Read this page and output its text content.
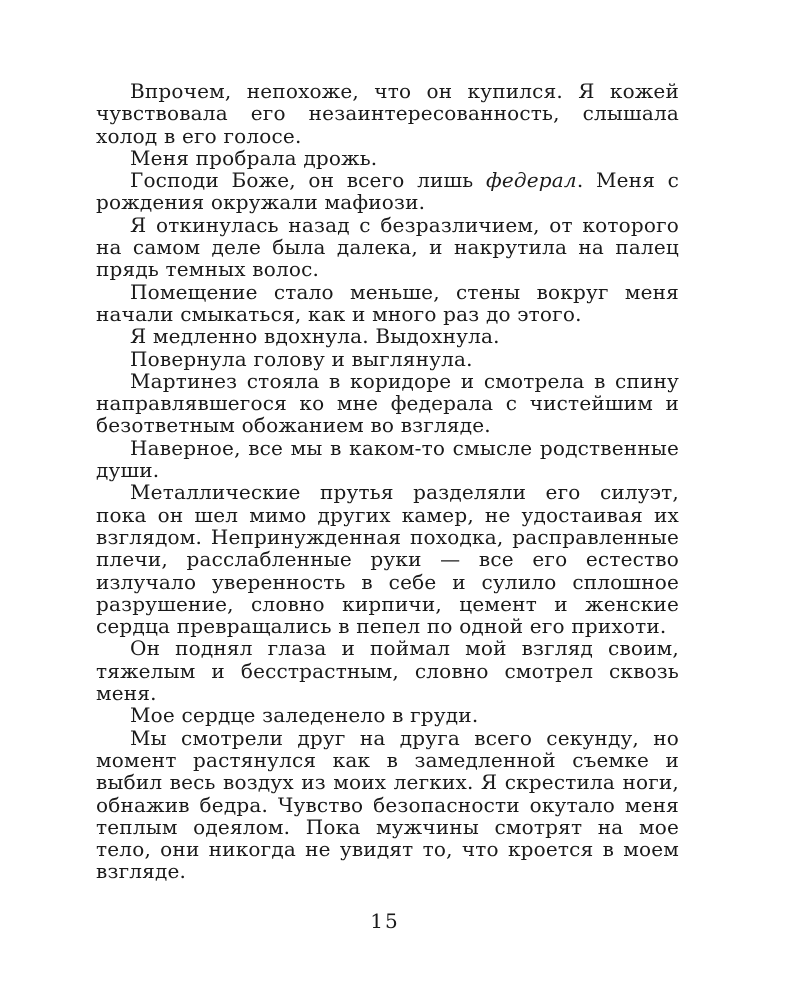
Впрочем, непохоже, что он купился. Я кожей чувствовала его незаинтересованность, слышала холод в его голосе.

Меня пробрала дрожь.

Господи Боже, он всего лишь федерал. Меня с рождения окружали мафиози.

Я откинулась назад с безразличием, от которого на самом деле была далека, и накрутила на палец прядь темных волос.

Помещение стало меньше, стены вокруг меня начали смыкаться, как и много раз до этого.

Я медленно вдохнула. Выдохнула.

Повернула голову и выглянула.

Мартинез стояла в коридоре и смотрела в спину направлявшегося ко мне федерала с чистейшим и безответным обожанием во взгляде.

Наверное, все мы в каком-то смысле родственные души.

Металлические прутья разделяли его силуэт, пока он шел мимо других камер, не удостаивая их взглядом. Непринужденная походка, расправленные плечи, расслабленные руки — все его естество излучало уверенность в себе и сулило сплошное разрушение, словно кирпичи, цемент и женские сердца превращались в пепел по одной его прихоти.

Он поднял глаза и поймал мой взгляд своим, тяжелым и бесстрастным, словно смотрел сквозь меня.

Мое сердце заледенело в груди.

Мы смотрели друг на друга всего секунду, но момент растянулся как в замедленной съемке и выбил весь воздух из моих легких. Я скрестила ноги, обнажив бедра. Чувство безопасности окутало меня теплым одеялом. Пока мужчины смотрят на мое тело, они никогда не увидят то, что кроется в моем взгляде.

15
